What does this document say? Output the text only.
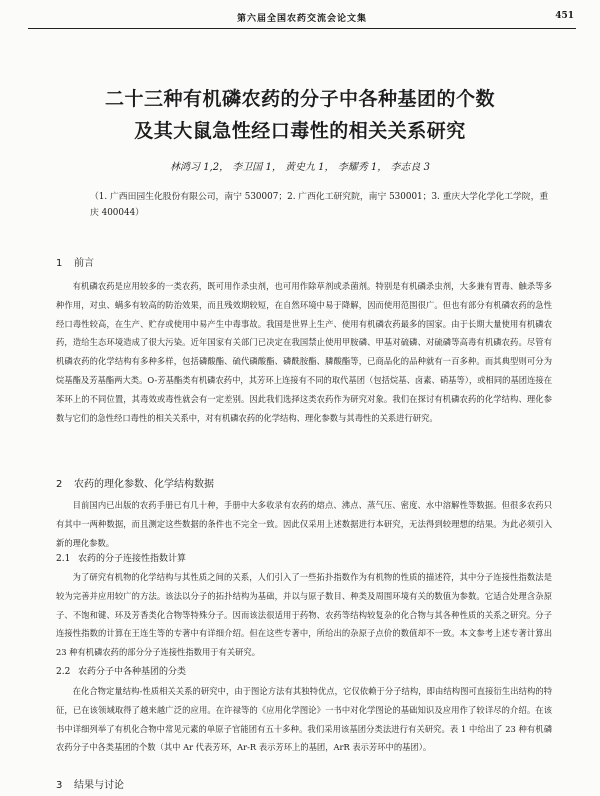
第六届全国农药交流会论文集	451
二十三种有机磷农药的分子中各种基团的个数
及其大鼠急性经口毒性的相关关系研究
林鸿习 1,2， 李卫国 1， 黄史九 1， 李耀秀 1， 李志良 3
（1. 广西田园生化股份有限公司，南宁 530007；2. 广西化工研究院，南宁 530001；3. 重庆大学化学化工学院，重庆 400044）
1 前言
有机磷农药是应用较多的一类农药，既可用作杀虫剂，也可用作除草剂或杀菌剂。特别是有机磷杀虫剂，大多兼有胃毒、触杀等多种作用，对虫、螨多有较高的防治效果，而且残效期较短，在自然环境中易于降解，因而使用范围很广。但也有部分有机磷农药的急性经口毒性较高，在生产、贮存或使用中易产生中毒事故。我国是世界上生产、使用有机磷农药最多的国家。由于长期大量使用有机磷农药，造给生态环境造成了很大污染。近年国家有关部门已决定在我国禁止使用甲胺磷、甲基对硫磷、对硫磷等高毒有机磷农药。尽管有机磷农药的化学结构有多种多样，包括磷酸酯、硫代磷酸酯、磷酰胺酯、膦酸酯等，已商品化的品种就有一百多种。而其典型则可分为烷基酯及芳基酯两大类。O-芳基酯类有机磷农药中，其芳环上连接有不同的取代基团（包括烷基、卤素、硝基等），或相同的基团连接在苯环上的不同位置，其毒效或毒性就会有一定差别。因此我们选择这类农药作为研究对象。我们在探讨有机磷农药的化学结构、理化参数与它们的急性经口毒性的相关关系中，对有机磷农药的化学结构、理化参数与其毒性的关系进行研究。
2 农药的理化参数、化学结构数据
目前国内已出版的农药手册已有几十种，手册中大多收录有农药的熔点、沸点、蒸气压、密度、水中溶解性等数据。但很多农药只有其中一两种数据，而且测定这些数据的条件也不完全一致。因此仅采用上述数据进行本研究，无法得到较理想的结果。为此必须引入新的理化参数。
2.1 农药的分子连接性指数计算
为了研究有机物的化学结构与其性质之间的关系，人们引入了一些拓扑指数作为有机物的性质的描述符，其中分子连接性指数法是较为完善并应用较广的方法。该法以分子的拓扑结构为基础，并以与原子数目、种类及周围环境有关的数值为参数。它适合处理含杂原子、不饱和键、环及芳香类化合物等特殊分子。因而该法很适用于药物、农药等结构较复杂的化合物与其各种性质的关系之研究。分子连接性指数的计算在王连生等的专著中有详细介绍。但在这些专著中，所给出的杂原子点价的数值却不一致。本文参考上述专著计算出 23 种有机磷农药的部分分子连接性指数用于有关研究。
2.2 农药分子中各种基团的分类
在化合物定量结构-性质相关关系的研究中，由于图论方法有其独特优点，它仅依赖于分子结构，即由结构图可直接衍生出结构的特征，已在该领域取得了越来越广泛的应用。在许禄等的《应用化学图论》一书中对化学图论的基础知识及应用作了较详尽的介绍。在该书中详细列举了有机化合物中常见元素的单原子官能团有五十多种。我们采用该基团分类法进行有关研究。表 1 中给出了 23 种有机磷农药分子中各类基团的个数（其中 Ar 代表芳环，Ar-R 表示芳环上的基团，ArR 表示芳环中的基团）。
3 结果与讨论
